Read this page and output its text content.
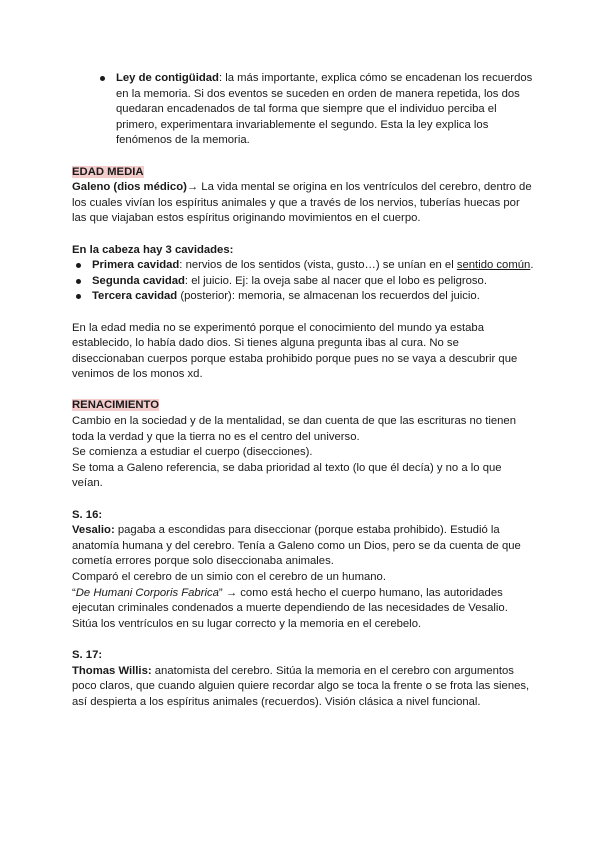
Ley de contigüidad: la más importante, explica cómo se encadenan los recuerdos en la memoria. Si dos eventos se suceden en orden de manera repetida, los dos quedaran encadenados de tal forma que siempre que el individuo perciba el primero, experimentara invariablemente el segundo. Esta la ley explica los fenómenos de la memoria.

EDAD MEDIA

Galeno (dios médico)→ La vida mental se origina en los ventrículos del cerebro, dentro de los cuales vivían los espíritus animales y que a través de los nervios, tuberías huecas por las que viajaban estos espíritus originando movimientos en el cuerpo.

En la cabeza hay 3 cavidades:

Primera cavidad: nervios de los sentidos (vista, gusto…) se unían en el sentido común.
Segunda cavidad: el juicio. Ej: la oveja sabe al nacer que el lobo es peligroso.
Tercera cavidad (posterior): memoria, se almacenan los recuerdos del juicio.

En la edad media no se experimentó porque el conocimiento del mundo ya estaba establecido, lo había dado dios. Si tienes alguna pregunta ibas al cura. No se diseccionaban cuerpos porque estaba prohibido porque pues no se vaya a descubrir que venimos de los monos xd.

RENACIMIENTO

Cambio en la sociedad y de la mentalidad, se dan cuenta de que las escrituras no tienen toda la verdad y que la tierra no es el centro del universo.

Se comienza a estudiar el cuerpo (disecciones).

Se toma a Galeno referencia, se daba prioridad al texto (lo que él decía) y no a lo que veían.

S. 16:

Vesalio: pagaba a escondidas para diseccionar (porque estaba prohibido). Estudió la anatomía humana y del cerebro. Tenía a Galeno como un Dios, pero se da cuenta de que cometía errores porque solo diseccionaba animales.

Comparó el cerebro de un simio con el cerebro de un humano.

“De Humani Corporis Fabrica” → como está hecho el cuerpo humano, las autoridades ejecutan criminales condenados a muerte dependiendo de las necesidades de Vesalio.

Sitúa los ventrículos en su lugar correcto y la memoria en el cerebelo.

S. 17:

Thomas Willis: anatomista del cerebro. Sitúa la memoria en el cerebro con argumentos poco claros, que cuando alguien quiere recordar algo se toca la frente o se frota las sienes, así despierta a los espíritus animales (recuerdos). Visión clásica a nivel funcional.
